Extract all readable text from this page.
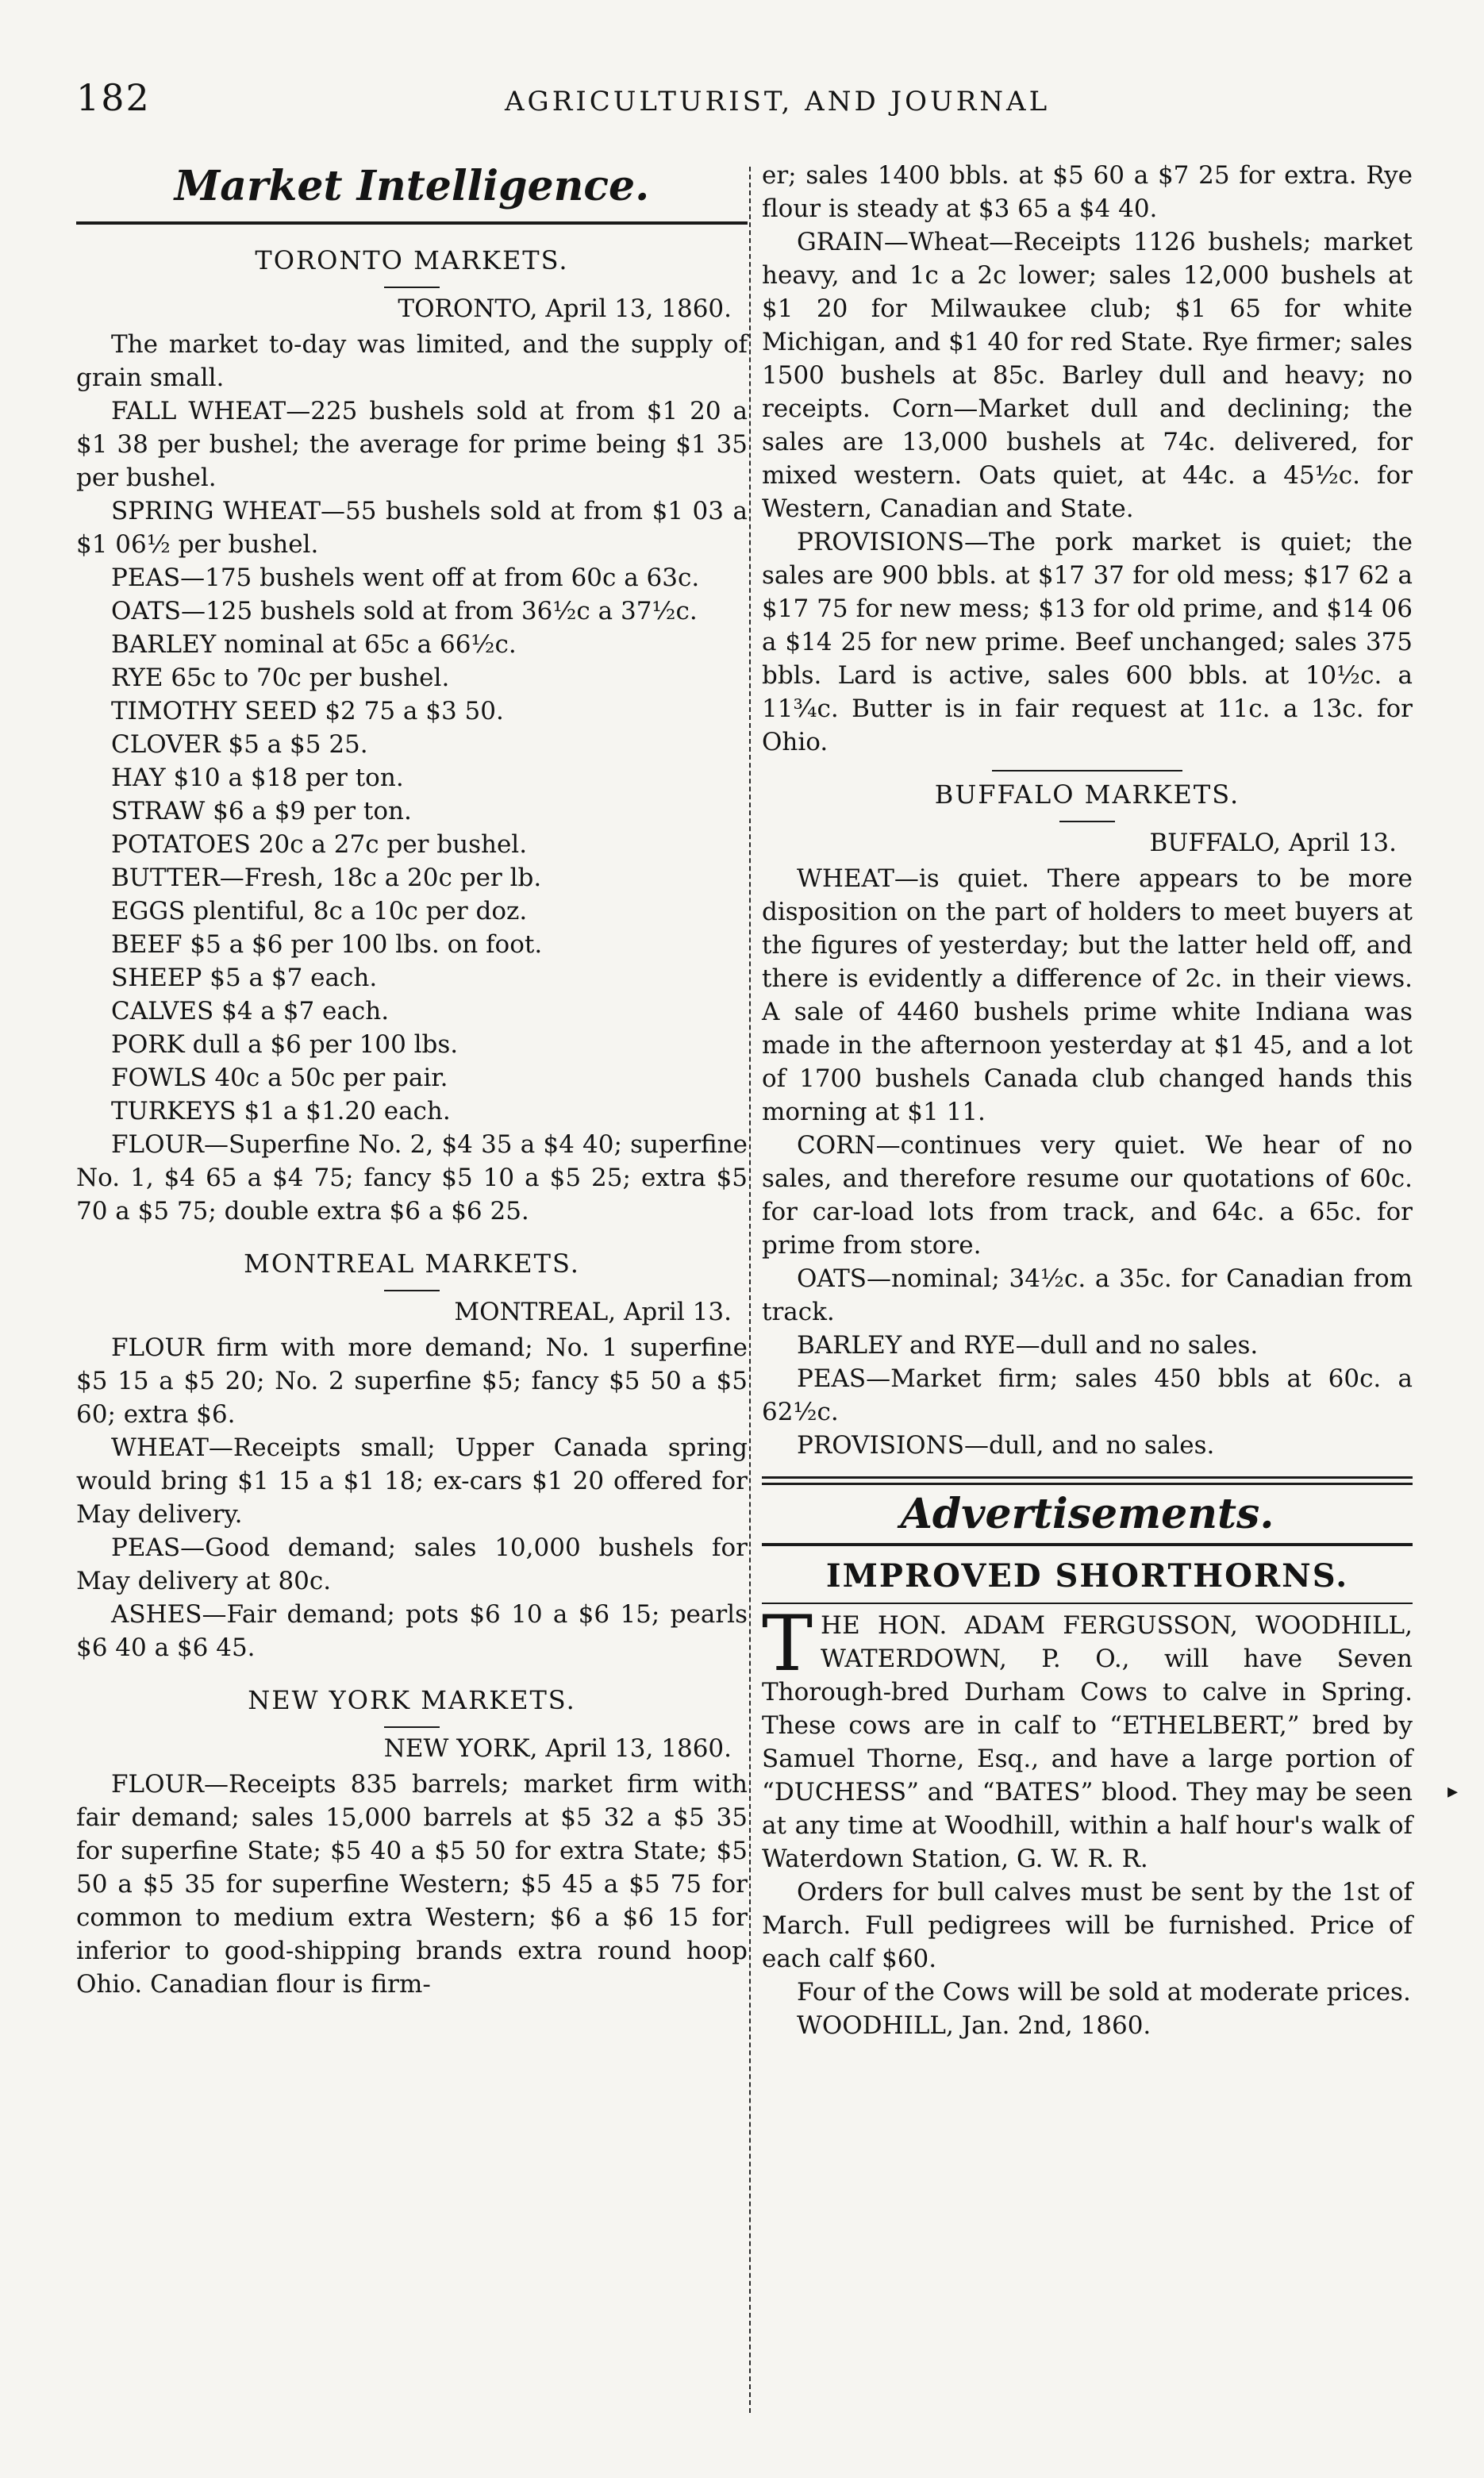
182	AGRICULTURIST, AND JOURNAL
Market Intelligence.
TORONTO MARKETS.
TORONTO, April 13, 1860.

The market to-day was limited, and the supply of grain small.

FALL WHEAT—225 bushels sold at from $1 20 a $1 38 per bushel; the average for prime being $1 35 per bushel.

SPRING WHEAT—55 bushels sold at from $1 03 a $1 06½ per bushel.

PEAS—175 bushels went off at from 60c a 63c.

OATS—125 bushels sold at from 36½c a 37½c.

BARLEY nominal at 65c a 66½c.

RYE 65c to 70c per bushel.

TIMOTHY SEED $2 75 a $3 50.

CLOVER $5 a $5 25.

HAY $10 a $18 per ton.

STRAW $6 a $9 per ton.

POTATOES 20c a 27c per bushel.

BUTTER—Fresh, 18c a 20c per lb.

EGGS plentiful, 8c a 10c per doz.

BEEF $5 a $6 per 100 lbs. on foot.

SHEEP $5 a $7 each.

CALVES $4 a $7 each.

PORK dull a $6 per 100 lbs.

FOWLS 40c a 50c per pair.

TURKEYS $1 a $1.20 each.

FLOUR—Superfine No. 2, $4 35 a $4 40; superfine No. 1, $4 65 a $4 75; fancy $5 10 a $5 25; extra $5 70 a $5 75; double extra $6 a $6 25.

MONTREAL MARKETS.
MONTREAL, April 13.

FLOUR firm with more demand; No. 1 superfine $5 15 a $5 20; No. 2 superfine $5; fancy $5 50 a $5 60; extra $6.

WHEAT—Receipts small; Upper Canada spring would bring $1 15 a $1 18; ex-cars $1 20 offered for May delivery.

PEAS—Good demand; sales 10,000 bushels for May delivery at 80c.

ASHES—Fair demand; pots $6 10 a $6 15; pearls $6 40 a $6 45.

NEW YORK MARKETS.
NEW YORK, April 13, 1860.

FLOUR—Receipts 835 barrels; market firm with fair demand; sales 15,000 barrels at $5 32 a $5 35 for superfine State; $5 40 a $5 50 for extra State; $5 50 a $5 35 for superfine Western; $5 45 a $5 75 for common to medium extra Western; $6 a $6 15 for inferior to good-shipping brands extra round hoop Ohio. Canadian flour is firm-

er; sales 1400 bbls. at $5 60 a $7 25 for extra. Rye flour is steady at $3 65 a $4 40.

GRAIN—Wheat—Receipts 1126 bushels; market heavy, and 1c a 2c lower; sales 12,000 bushels at $1 20 for Milwaukee club; $1 65 for white Michigan, and $1 40 for red State. Rye firmer; sales 1500 bushels at 85c. Barley dull and heavy; no receipts. Corn—Market dull and declining; the sales are 13,000 bushels at 74c. delivered, for mixed western. Oats quiet, at 44c. a 45½c. for Western, Canadian and State.

PROVISIONS—The pork market is quiet; the sales are 900 bbls. at $17 37 for old mess; $17 62 a $17 75 for new mess; $13 for old prime, and $14 06 a $14 25 for new prime. Beef unchanged; sales 375 bbls. Lard is active, sales 600 bbls. at 10½c. a 11¾c. Butter is in fair request at 11c. a 13c. for Ohio.

BUFFALO MARKETS.
BUFFALO, April 13.

WHEAT—is quiet. There appears to be more disposition on the part of holders to meet buyers at the figures of yesterday; but the latter held off, and there is evidently a difference of 2c. in their views. A sale of 4460 bushels prime white Indiana was made in the afternoon yesterday at $1 45, and a lot of 1700 bushels Canada club changed hands this morning at $1 11.

CORN—continues very quiet. We hear of no sales, and therefore resume our quotations of 60c. for car-load lots from track, and 64c. a 65c. for prime from store.

OATS—nominal; 34½c. a 35c. for Canadian from track.

BARLEY and RYE—dull and no sales.

PEAS—Market firm; sales 450 bbls at 60c. a 62½c.

PROVISIONS—dull, and no sales.

Advertisements.
IMPROVED SHORTHORNS.

THE HON. ADAM FERGUSSON, WOODHILL, WATERDOWN, P. O., will have Seven Thorough-bred Durham Cows to calve in Spring. These cows are in calf to “ETHELBERT,” bred by Samuel Thorne, Esq., and have a large portion of “DUCHESS” and “BATES” blood. They may be seen at any time at Woodhill, within a half hour's walk of Waterdown Station, G. W. R. R.

Orders for bull calves must be sent by the 1st of March. Full pedigrees will be furnished. Price of each calf $60.

Four of the Cows will be sold at moderate prices.

WOODHILL, Jan. 2nd, 1860.

▸
